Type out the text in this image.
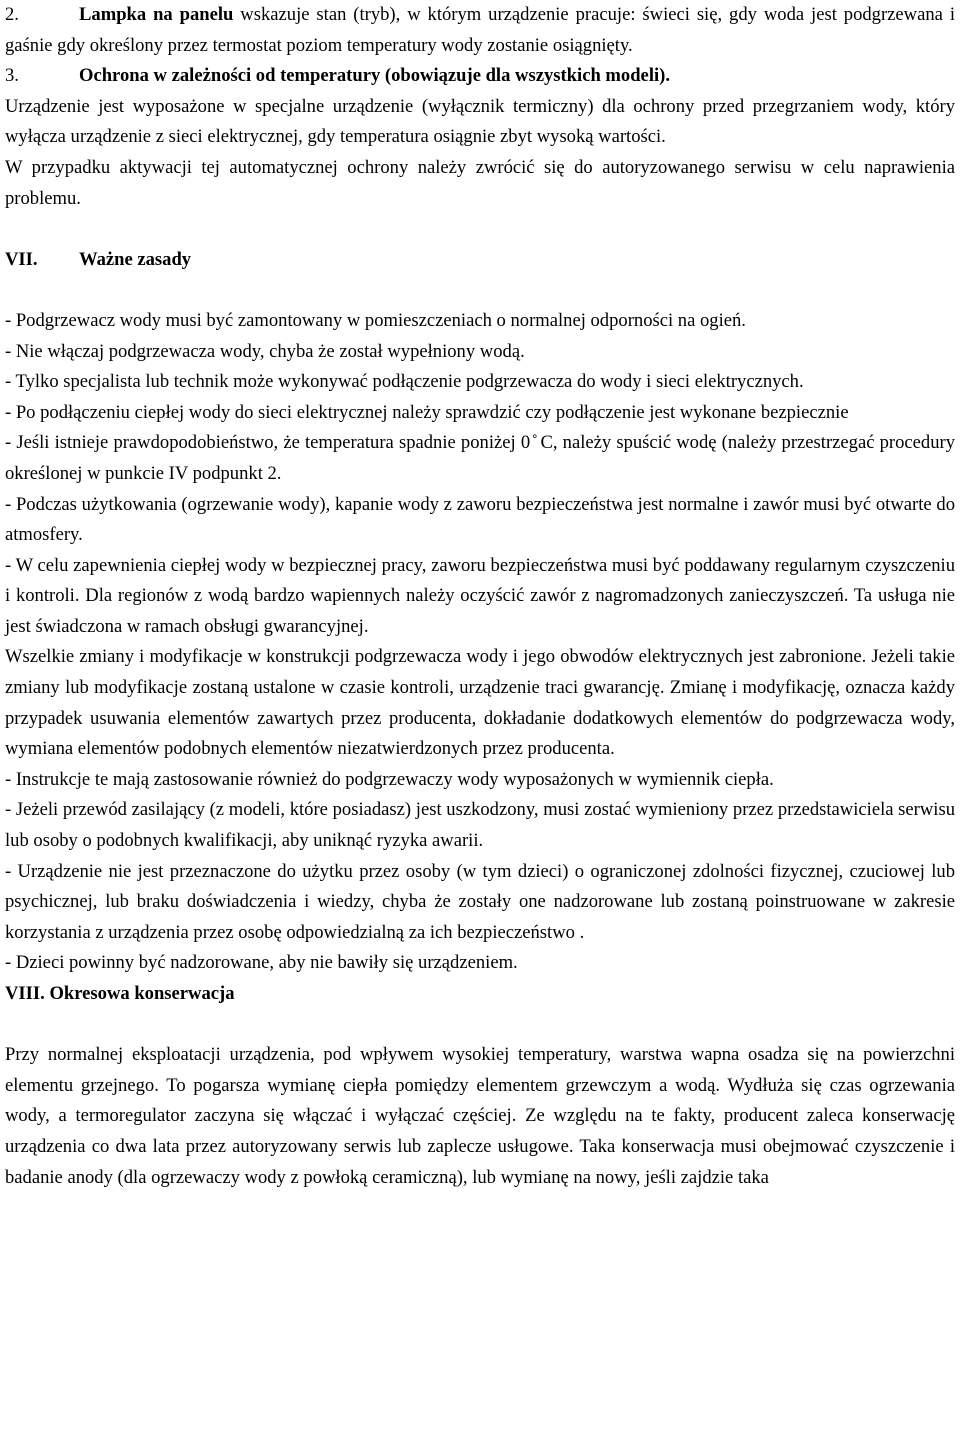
2.	Lampka na panelu wskazuje stan (tryb), w którym urządzenie pracuje: świeci się, gdy woda jest podgrzewana i gaśnie gdy określony przez termostat poziom temperatury wody zostanie osiągnięty.

3.	Ochrona w zależności od temperatury (obowiązuje dla wszystkich modeli).

Urządzenie jest wyposażone w specjalne urządzenie (wyłącznik termiczny) dla ochrony przed przegrzaniem wody, który wyłącza urządzenie z sieci elektrycznej, gdy temperatura osiągnie zbyt wysoką wartości.

W przypadku aktywacji tej automatycznej ochrony należy zwrócić się do autoryzowanego serwisu w celu naprawienia problemu.

VII. Ważne zasady

- Podgrzewacz wody musi być zamontowany w pomieszczeniach o normalnej odporności na ogień.

- Nie włączaj podgrzewacza wody, chyba że został wypełniony wodą.

- Tylko specjalista lub technik może wykonywać podłączenie podgrzewacza do wody i sieci elektrycznych.

- Po podłączeniu ciepłej wody do sieci elektrycznej należy sprawdzić czy podłączenie jest wykonane bezpiecznie

- Jeśli istnieje prawdopodobieństwo, że temperatura spadnie poniżej 0 ̊ C, należy spuścić wodę (należy przestrzegać procedury określonej w punkcie IV podpunkt 2.

- Podczas użytkowania (ogrzewanie wody), kapanie wody z zaworu bezpieczeństwa jest normalne i zawór musi być otwarte do atmosfery.

- W celu zapewnienia ciepłej wody w bezpiecznej pracy, zaworu bezpieczeństwa musi być poddawany regularnym czyszczeniu i kontroli. Dla regionów z wodą bardzo wapiennych należy oczyścić zawór z nagromadzonych zanieczyszczeń. Ta usługa nie jest świadczona w ramach obsługi gwarancyjnej.

Wszelkie zmiany i modyfikacje w konstrukcji podgrzewacza wody i jego obwodów elektrycznych jest zabronione. Jeżeli takie zmiany lub modyfikacje zostaną ustalone w czasie kontroli, urządzenie traci gwarancję. Zmianę i modyfikację, oznacza każdy przypadek usuwania elementów zawartych przez producenta, dokładanie dodatkowych elementów do podgrzewacza wody, wymiana elementów podobnych elementów niezatwierdzonych przez producenta.

- Instrukcje te mają zastosowanie również do podgrzewaczy wody wyposażonych w wymiennik ciepła.

- Jeżeli przewód zasilający (z modeli, które posiadasz) jest uszkodzony, musi zostać wymieniony przez przedstawiciela serwisu lub osoby o podobnych kwalifikacji, aby uniknąć ryzyka awarii.

- Urządzenie nie jest przeznaczone do użytku przez osoby (w tym dzieci) o ograniczonej zdolności fizycznej, czuciowej lub psychicznej, lub braku doświadczenia i wiedzy, chyba że zostały one nadzorowane lub zostaną poinstruowane w zakresie korzystania z urządzenia przez osobę odpowiedzialną za ich bezpieczeństwo .

- Dzieci powinny być nadzorowane, aby nie bawiły się urządzeniem.

VIII. Okresowa konserwacja

Przy normalnej eksploatacji urządzenia, pod wpływem wysokiej temperatury, warstwa wapna osadza się na powierzchni elementu grzejnego. To pogarsza wymianę ciepła pomiędzy elementem grzewczym a wodą. Wydłuża się czas ogrzewania wody, a termoregulator zaczyna się włączać i wyłączać częściej. Ze względu na te fakty, producent zaleca konserwację urządzenia co dwa lata przez autoryzowany serwis lub zaplecze usługowe. Taka konserwacja musi obejmować czyszczenie i badanie anody (dla ogrzewaczy wody z powłoką ceramiczną), lub wymianę na nowy, jeśli zajdzie taka
